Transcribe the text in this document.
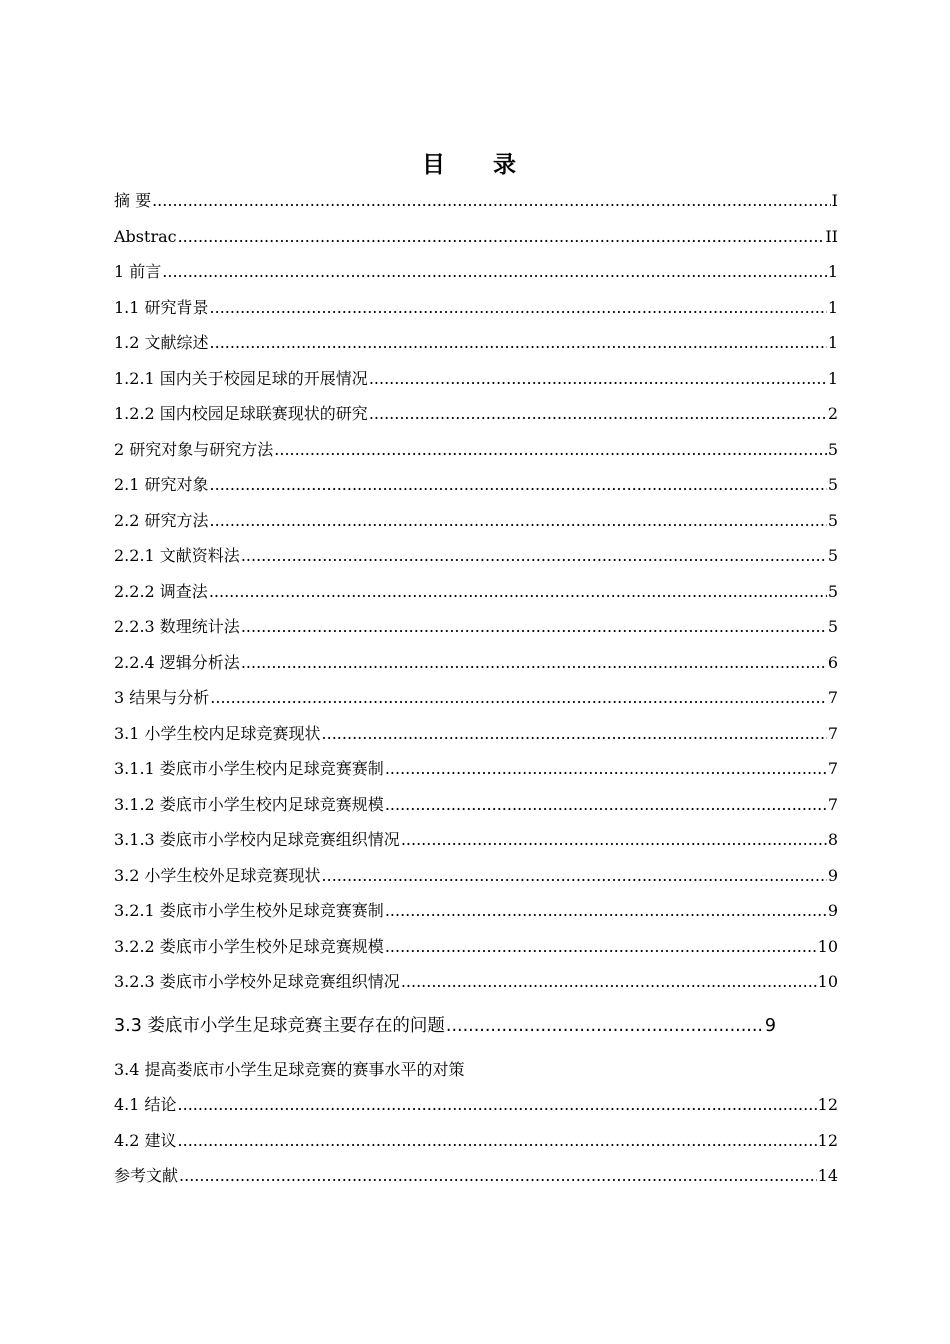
目 录
摘 要 .....	I
Abstrac .....	II
1 前言 .....	1
1.1 研究背景 .....	1
1.2 文献综述 .....	1
1.2.1 国内关于校园足球的开展情况 .....	1
1.2.2 国内校园足球联赛现状的研究 .....	2
2 研究对象与研究方法 .....	5
2.1 研究对象 .....	5
2.2 研究方法 .....	5
2.2.1 文献资料法 .....	5
2.2.2 调查法 .....	5
2.2.3 数理统计法 .....	5
2.2.4 逻辑分析法 .....	6
3 结果与分析 .....	7
3.1 小学生校内足球竞赛现状 .....	7
3.1.1 娄底市小学生校内足球竞赛赛制 .....	7
3.1.2 娄底市小学生校内足球竞赛规模 .....	7
3.1.3 娄底市小学校内足球竞赛组织情况 .....	8
3.2 小学生校外足球竞赛现状 .....	9
3.2.1 娄底市小学生校外足球竞赛赛制 .....	9
3.2.2 娄底市小学生校外足球竞赛规模 .....	10
3.2.3 娄底市小学校外足球竞赛组织情况 .....	10
3.3 娄底市小学生足球竞赛主要存在的问题 .....	9
3.4 提高娄底市小学生足球竞赛的赛事水平的对策
4.1 结论 .....	12
4.2 建议 .....	12
参考文献 .....	14
